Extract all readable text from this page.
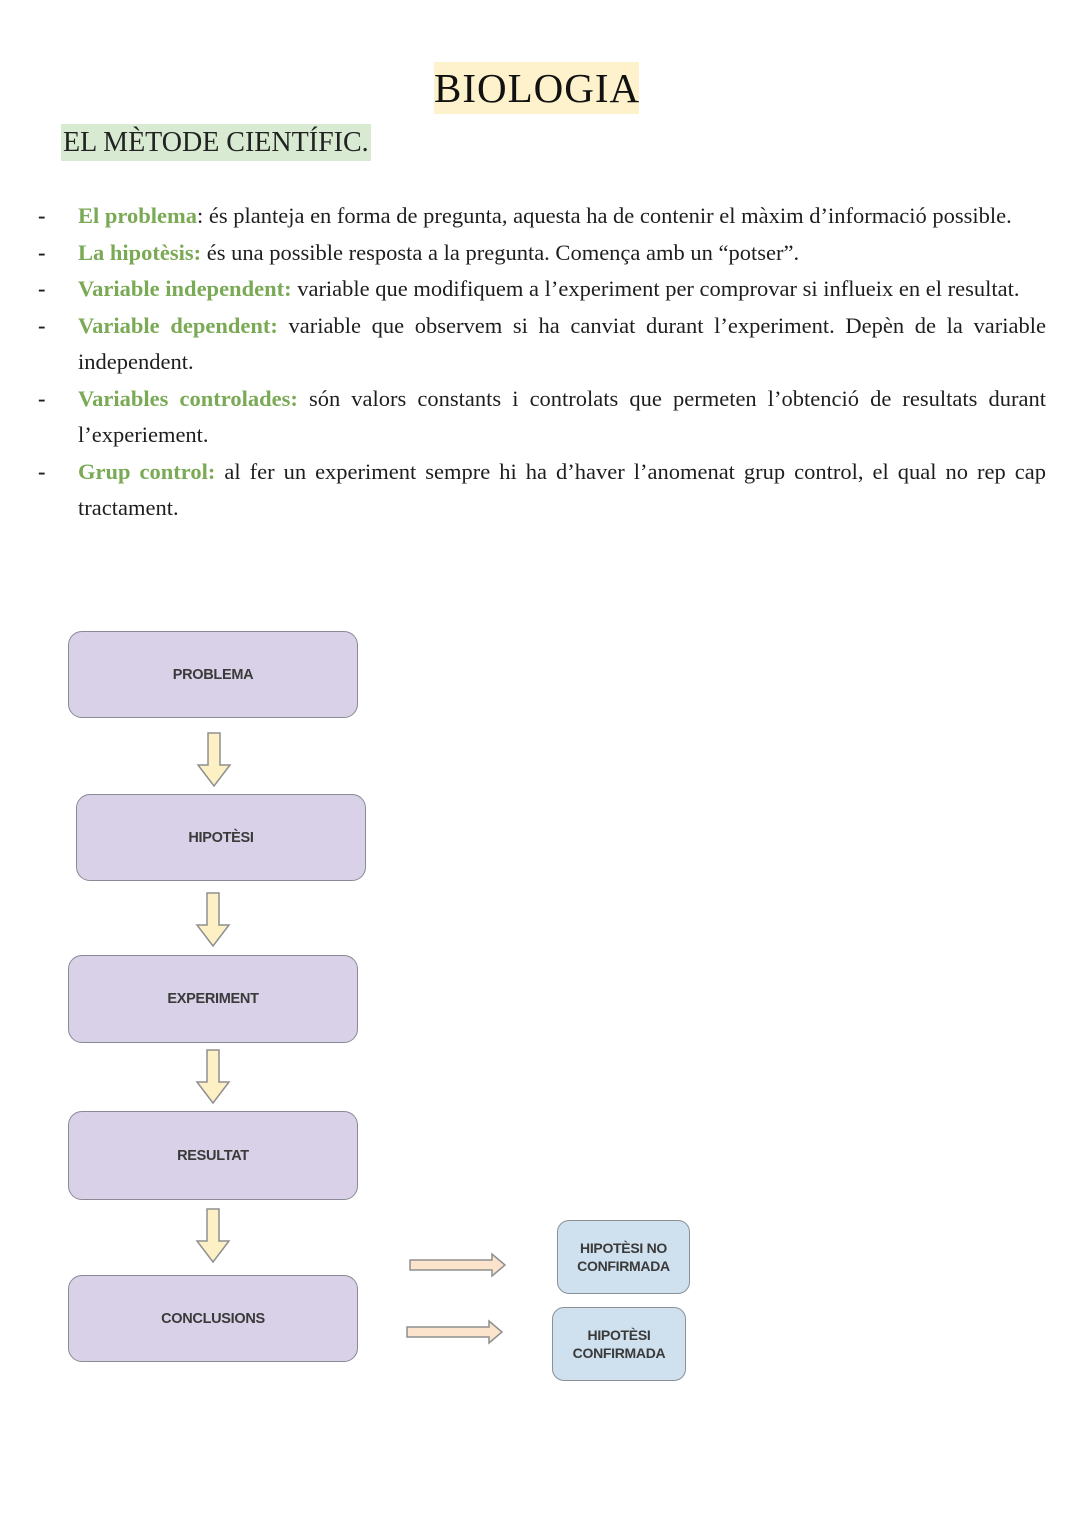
BIOLOGIA
EL MÈTODE CIENTÍFIC.
- El problema: és planteja en forma de pregunta, aquesta ha de contenir el màxim d’informació possible.
- La hipotèsis: és una possible resposta a la pregunta. Comença amb un “potser”.
- Variable independent: variable que modifiquem a l’experiment per comprovar si influeix en el resultat.
- Variable dependent: variable que observem si ha canviat durant l’experiment. Depèn de la variable independent.
- Variables controlades: són valors constants i controlats que permeten l’obtenció de resultats durant l’experiement.
- Grup control: al fer un experiment sempre hi ha d’haver l’anomenat grup control, el qual no rep cap tractament.
PROBLEMA
HIPOTÈSI
EXPERIMENT
RESULTAT
CONCLUSIONS
HIPOTÈSI NO CONFIRMADA
HIPOTÈSI CONFIRMADA
